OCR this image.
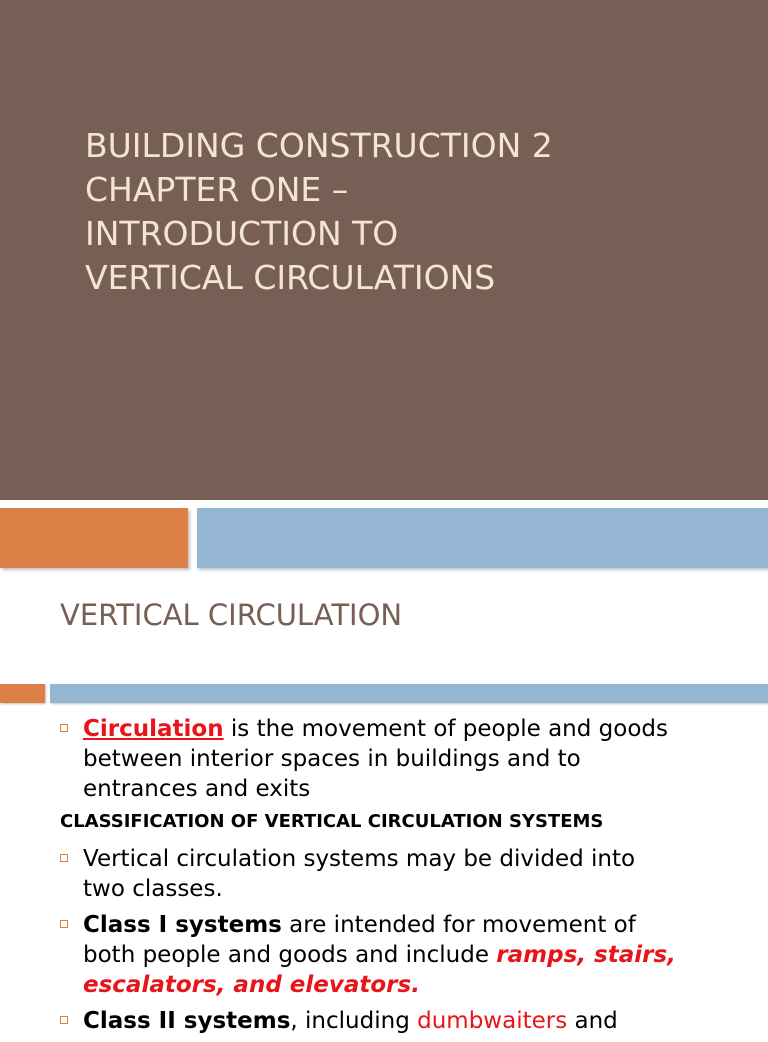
BUILDING CONSTRUCTION 2
CHAPTER ONE –
INTRODUCTION TO
VERTICAL CIRCULATIONS
VERTICAL CIRCULATION
Circulation is the movement of people and goods
between interior spaces in buildings and to
entrances and exits
CLASSIFICATION OF VERTICAL CIRCULATION SYSTEMS
Vertical circulation systems may be divided into
two classes.
Class I systems are intended for movement of
both people and goods and include ramps, stairs,
escalators, and elevators.
Class II systems, including dumbwaiters and
